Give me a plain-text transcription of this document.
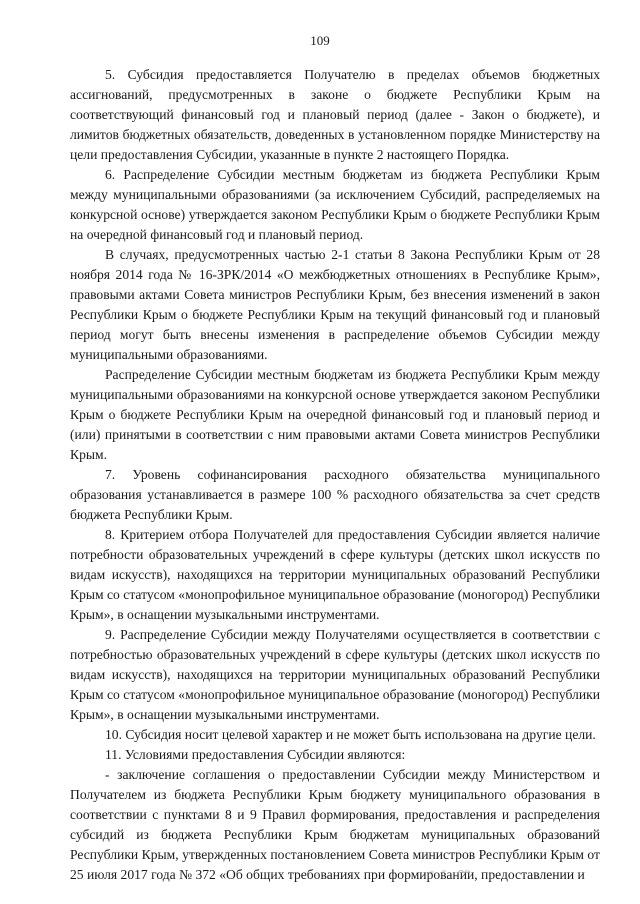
109

5. Субсидия предоставляется Получателю в пределах объемов бюджетных ассигнований, предусмотренных в законе о бюджете Республики Крым на соответствующий финансовый год и плановый период (далее - Закон о бюджете), и лимитов бюджетных обязательств, доведенных в установленном порядке Министерству на цели предоставления Субсидии, указанные в пункте 2 настоящего Порядка.

6. Распределение Субсидии местным бюджетам из бюджета Республики Крым между муниципальными образованиями (за исключением Субсидий, распределяемых на конкурсной основе) утверждается законом Республики Крым о бюджете Республики Крым на очередной финансовый год и плановый период.

В случаях, предусмотренных частью 2-1 статьи 8 Закона Республики Крым от 28 ноября 2014 года № 16-ЗРК/2014 «О межбюджетных отношениях в Республике Крым», правовыми актами Совета министров Республики Крым, без внесения изменений в закон Республики Крым о бюджете Республики Крым на текущий финансовый год и плановый период могут быть внесены изменения в распределение объемов Субсидии между муниципальными образованиями.

Распределение Субсидии местным бюджетам из бюджета Республики Крым между муниципальными образованиями на конкурсной основе утверждается законом Республики Крым о бюджете Республики Крым на очередной финансовый год и плановый период и (или) принятыми в соответствии с ним правовыми актами Совета министров Республики Крым.

7. Уровень софинансирования расходного обязательства муниципального образования устанавливается в размере 100 % расходного обязательства за счет средств бюджета Республики Крым.

8. Критерием отбора Получателей для предоставления Субсидии является наличие потребности образовательных учреждений в сфере культуры (детских школ искусств по видам искусств), находящихся на территории муниципальных образований Республики Крым со статусом «монопрофильное муниципальное образование (моногород) Республики Крым», в оснащении музыкальными инструментами.

9. Распределение Субсидии между Получателями осуществляется в соответствии с потребностью образовательных учреждений в сфере культуры (детских школ искусств по видам искусств), находящихся на территории муниципальных образований Республики Крым со статусом «монопрофильное муниципальное образование (моногород) Республики Крым», в оснащении музыкальными инструментами.

10. Субсидия носит целевой характер и не может быть использована на другие цели.

11. Условиями предоставления Субсидии являются:

- заключение соглашения о предоставлении Субсидии между Министерством и Получателем из бюджета Республики Крым бюджету муниципального образования в соответствии с пунктами 8 и 9 Правил формирования, предоставления и распределения субсидий из бюджета Республики Крым бюджетам муниципальных образований Республики Крым, утвержденных постановлением Совета министров Республики Крым от 25 июля 2017 года № 372 «Об общих требованиях при формировании, предоставлении и
